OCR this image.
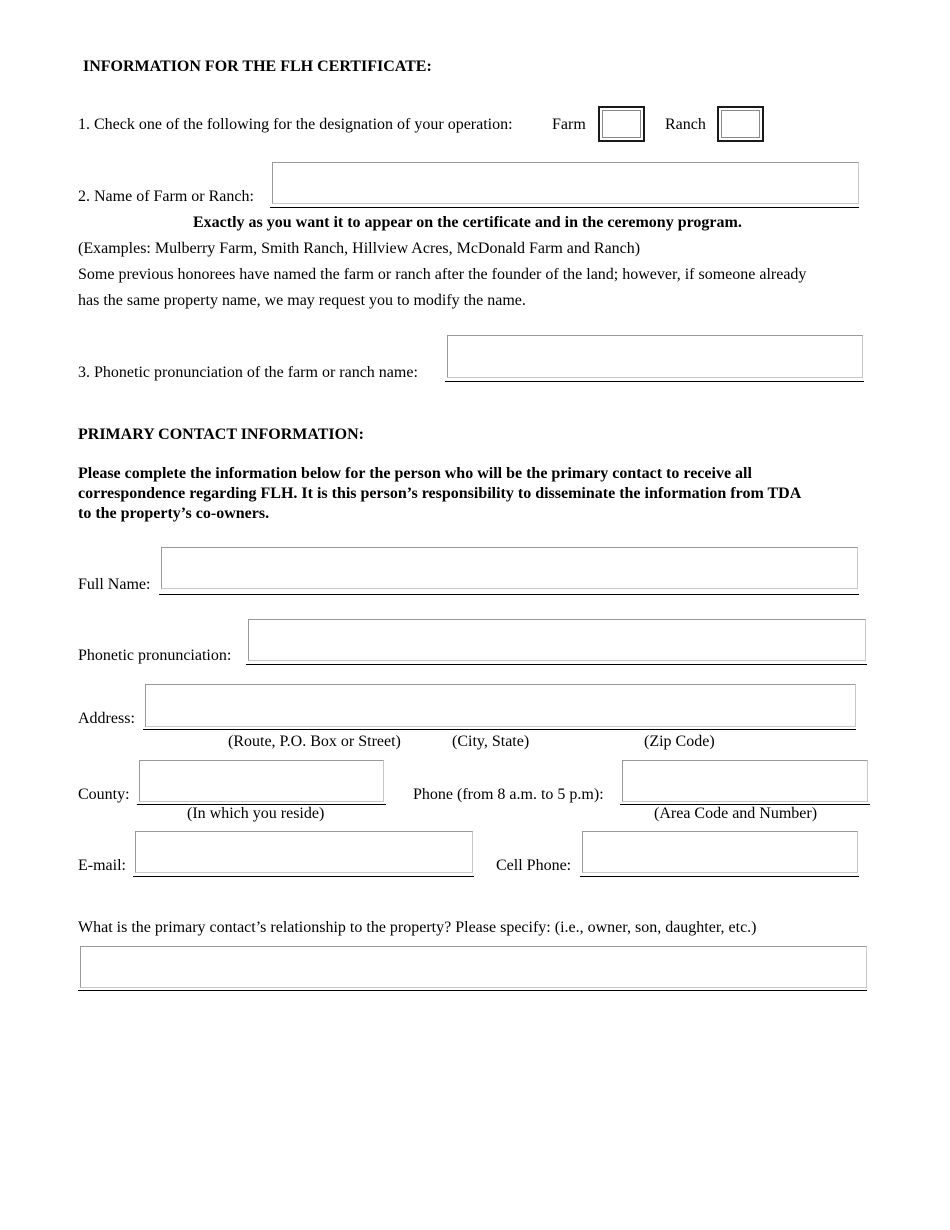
INFORMATION FOR THE FLH CERTIFICATE:
1. Check one of the following for the designation of your operation: Farm	Ranch
2. Name of Farm or Ranch:
Exactly as you want it to appear on the certificate and in the ceremony program.
(Examples: Mulberry Farm, Smith Ranch, Hillview Acres, McDonald Farm and Ranch)
Some previous honorees have named the farm or ranch after the founder of the land; however, if someone already
has the same property name, we may request you to modify the name.
3. Phonetic pronunciation of the farm or ranch name:
PRIMARY CONTACT INFORMATION:
Please complete the information below for the person who will be the primary contact to receive all
correspondence regarding FLH. It is this person’s responsibility to disseminate the information from TDA
to the property’s co-owners.
Full Name:
Phonetic pronunciation:
Address:
(Route, P.O. Box or Street)	(City, State)	(Zip Code)
County:
(In which you reside)
Phone (from 8 a.m. to 5 p.m):
(Area Code and Number)
E-mail:	Cell Phone:
What is the primary contact’s relationship to the property? Please specify: (i.e., owner, son, daughter, etc.)
